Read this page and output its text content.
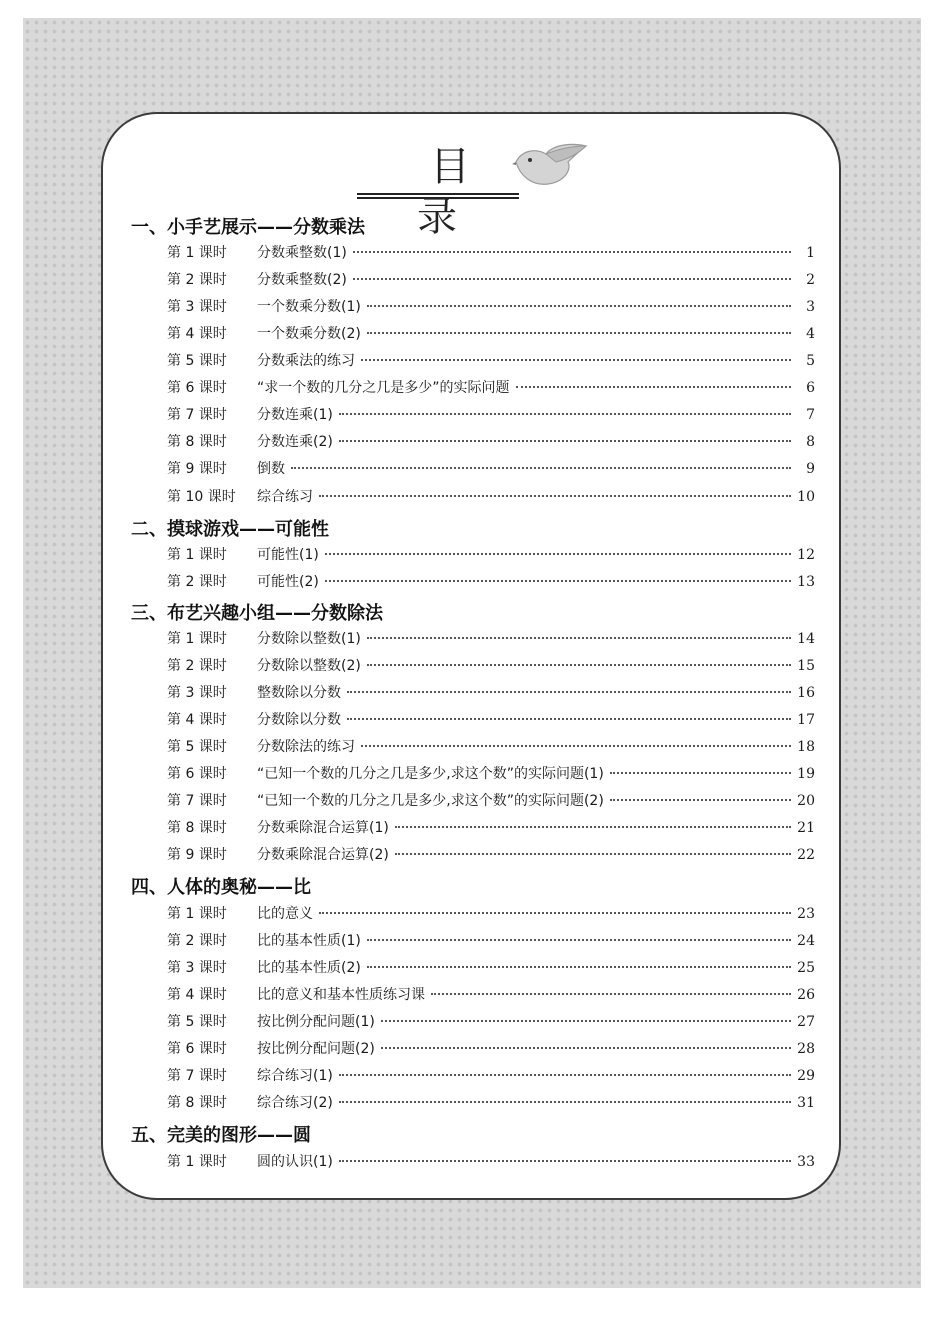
目 录
一、小手艺展示——分数乘法
第 1 课时	分数乘整数(1)	1
第 2 课时	分数乘整数(2)	2
第 3 课时	一个数乘分数(1)	3
第 4 课时	一个数乘分数(2)	4
第 5 课时	分数乘法的练习	5
第 6 课时	“求一个数的几分之几是多少”的实际问题	6
第 7 课时	分数连乘(1)	7
第 8 课时	分数连乘(2)	8
第 9 课时	倒数	9
第 10 课时	综合练习	10
二、摸球游戏——可能性
第 1 课时	可能性(1)	12
第 2 课时	可能性(2)	13
三、布艺兴趣小组——分数除法
第 1 课时	分数除以整数(1)	14
第 2 课时	分数除以整数(2)	15
第 3 课时	整数除以分数	16
第 4 课时	分数除以分数	17
第 5 课时	分数除法的练习	18
第 6 课时	“已知一个数的几分之几是多少,求这个数”的实际问题(1)	19
第 7 课时	“已知一个数的几分之几是多少,求这个数”的实际问题(2)	20
第 8 课时	分数乘除混合运算(1)	21
第 9 课时	分数乘除混合运算(2)	22
四、人体的奥秘——比
第 1 课时	比的意义	23
第 2 课时	比的基本性质(1)	24
第 3 课时	比的基本性质(2)	25
第 4 课时	比的意义和基本性质练习课	26
第 5 课时	按比例分配问题(1)	27
第 6 课时	按比例分配问题(2)	28
第 7 课时	综合练习(1)	29
第 8 课时	综合练习(2)	31
五、完美的图形——圆
第 1 课时	圆的认识(1)	33
